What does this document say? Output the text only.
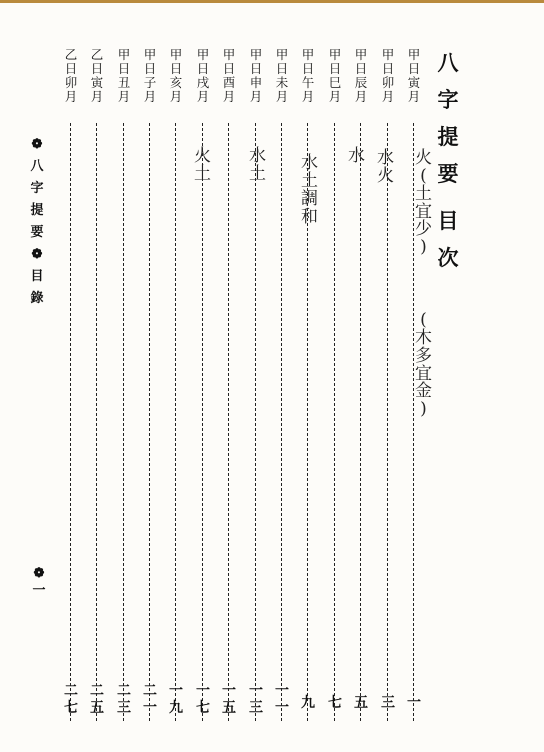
八
字
提
要
目
次
❁
八
字
提
要
❁
目
錄
❁
一
甲
日
寅
月
一
甲
日
卯
月
三
甲
日
辰
月
五
甲
日
巳
月
七
甲
日
午
月
九
甲
日
未
月
一
一
甲
日
申
月
一
三
甲
日
酉
月
一
五
甲
日
戌
月
一
七
甲
日
亥
月
一
九
甲
日
子
月
二
一
甲
日
丑
月
二
三
乙
日
寅
月
二
五
乙
日
卯
月
二
七
火
(
土
宜
少
)
(
木
多
宜
金
)
水
火
水
水
土
調
和
水
土
火
土
